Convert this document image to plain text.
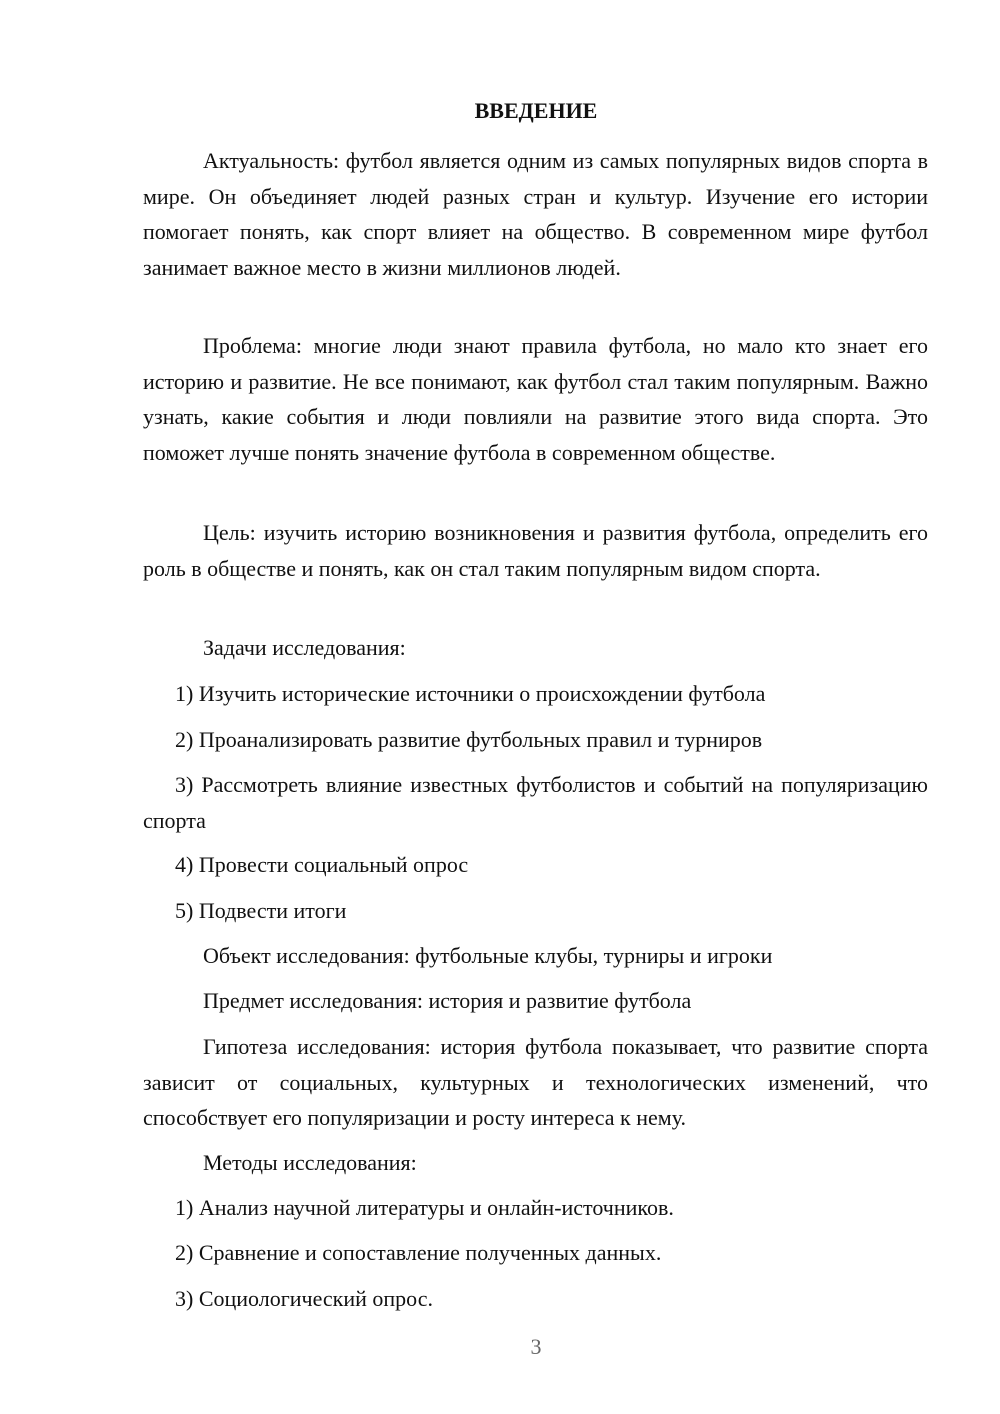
ВВЕДЕНИЕ

Актуальность: футбол является одним из самых популярных видов спорта в мире. Он объединяет людей разных стран и культур. Изучение его истории помогает понять, как спорт влияет на общество. В современном мире футбол занимает важное место в жизни миллионов людей.

Проблема: многие люди знают правила футбола, но мало кто знает его историю и развитие. Не все понимают, как футбол стал таким популярным. Важно узнать, какие события и люди повлияли на развитие этого вида спорта. Это поможет лучше понять значение футбола в современном обществе.

Цель: изучить историю возникновения и развития футбола, определить его роль в обществе и понять, как он стал таким популярным видом спорта.

Задачи исследования:

1) Изучить исторические источники о происхождении футбола

2) Проанализировать развитие футбольных правил и турниров

3) Рассмотреть влияние известных футболистов и событий на популяризацию спорта

4) Провести социальный опрос

5) Подвести итоги

Объект исследования: футбольные клубы, турниры и игроки

Предмет исследования: история и развитие футбола

Гипотеза исследования: история футбола показывает, что развитие спорта зависит от социальных, культурных и технологических изменений, что способствует его популяризации и росту интереса к нему.

Методы исследования:

1) Анализ научной литературы и онлайн-источников.

2) Сравнение и сопоставление полученных данных.

3) Социологический опрос.

3
